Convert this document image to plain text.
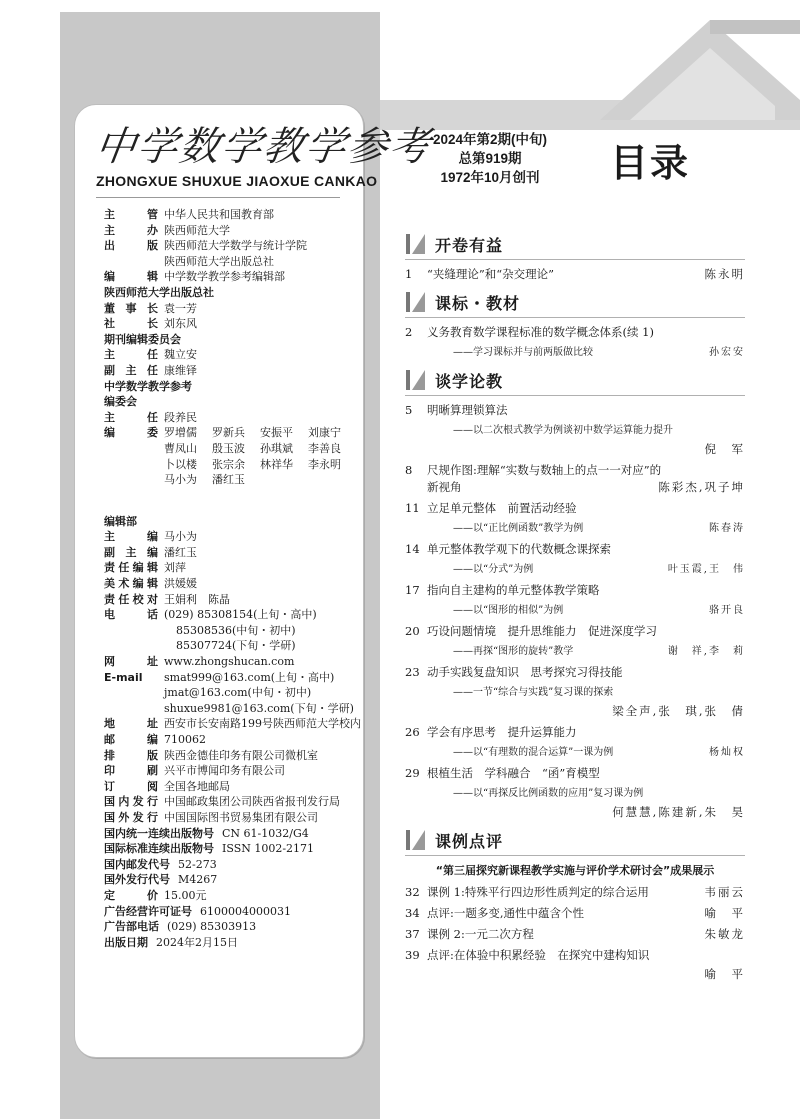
中学数学教学参考
ZHONGXUE SHUXUE JIAOXUE CANKAO
2024年第2期(中旬)
总第919期
1972年10月创刊	目录
主管 中华人民共和国教育部
主办 陕西师范大学
出版 陕西师范大学数学与统计学院
陕西师范大学出版总社
编辑 中学数学教学参考编辑部
陕西师范大学出版总社
董事长 袁一芳
社长 刘东风
期刊编辑委员会
主任 魏立安
副主任 康维铎
中学数学教学参考
编委会
主任 段养民
编委 罗增儒	罗新兵	安振平	刘康宁
曹凤山	殷玉波	孙琪斌	李善良
卜以楼	张宗余	林祥华	李永明
马小为	潘红玉
编辑部
主编 马小为
副主编 潘红玉
责任编辑 刘萍
美术编辑 洪媛媛
责任校对 王娟利　陈晶
电话 (029) 85308154(上旬・高中)
85308536(中旬・初中)
85307724(下旬・学研)
网址 www.zhongshucan.com
E-mail	smat999@163.com(上旬・高中)
jmat@163.com(中旬・初中)
shuxue9981@163.com(下旬・学研)
地址 西安市长安南路199号陕西师范大学校内
邮编 710062
排版 陕西金德佳印务有限公司微机室
印刷 兴平市博闻印务有限公司
订阅 全国各地邮局
国内发行 中国邮政集团公司陕西省报刊发行局
国外发行 中国国际图书贸易集团有限公司
国内统一连续出版物号 CN 61-1032/G4
国际标准连续出版物号 ISSN 1002-2171
国内邮发代号 52-273
国外发行代号 M4267
定价 15.00元
广告经营许可证号 6100004000031
广告部电话 (029) 85303913
出版日期 2024年2月15日
开卷有益
1	“夹缝理论”和“杂交理论”	陈永明
课标・教材
2	义务教育数学课程标准的数学概念体系(续 1)
——学习课标并与前两版做比较	孙宏安
谈学论教
5	明晰算理锁算法
——以二次根式教学为例谈初中数学运算能力提升
倪　军
8	尺规作图:理解“实数与数轴上的点一一对应”的
新视角	陈彩杰,巩子坤
11 立足单元整体　前置活动经验
——以“正比例函数”教学为例	陈春涛
14 单元整体教学观下的代数概念课探索
——以“分式”为例	叶玉霞,王　伟
17 指向自主建构的单元整体教学策略
——以“图形的相似”为例	骆开良
20 巧设问题情境　提升思维能力　促进深度学习
——再探“图形的旋转”教学	谢　祥,李　莉
23 动手实践复盘知识　思考探究习得技能
——一节“综合与实践”复习课的探索
梁全声,张　琪,张　倩
26 学会有序思考　提升运算能力
——以“有理数的混合运算”一课为例	杨灿权
29 根植生活　学科融合　“函”育模型
——以“再探反比例函数的应用”复习课为例
何慧慧,陈建新,朱　昊
课例点评
“第三届探究新课程教学实施与评价学术研讨会”成果展示
32 课例 1:特殊平行四边形性质判定的综合运用	韦丽云
34 点评:一题多变,通性中蕴含个性	喻　平
37 课例 2:一元二次方程	朱敏龙
39 点评:在体验中积累经验　在探究中建构知识
喻　平
